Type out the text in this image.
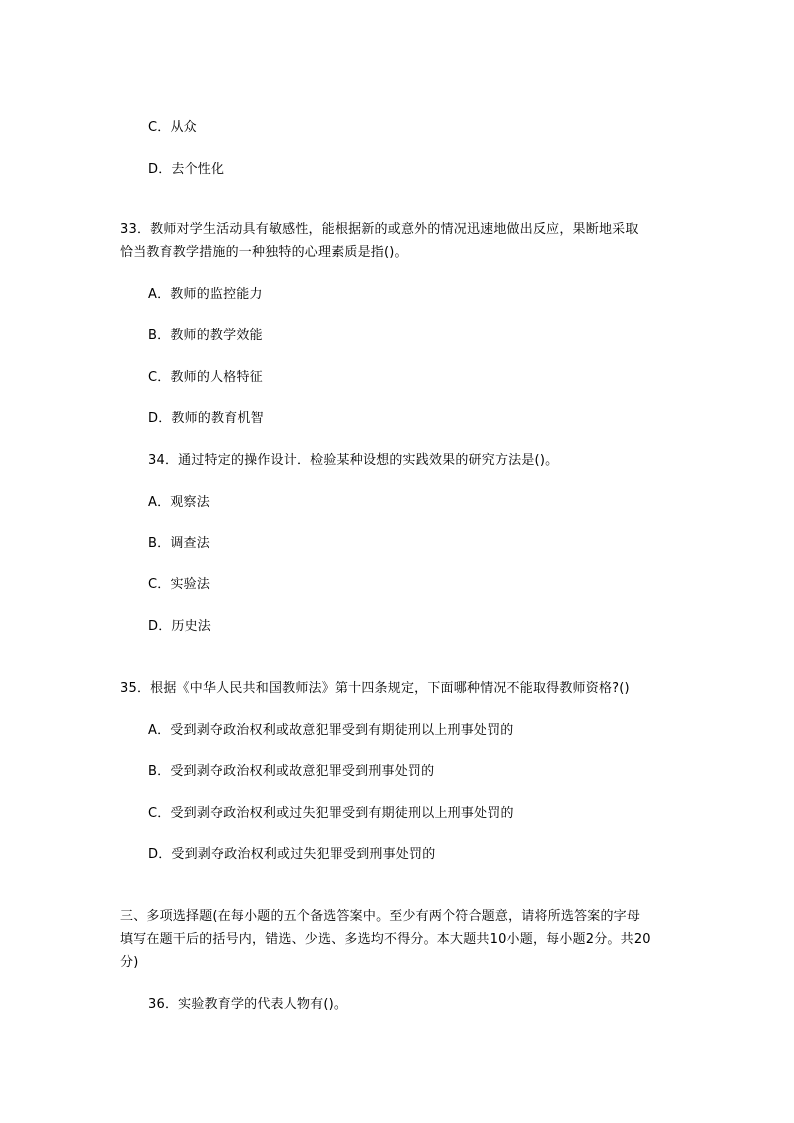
C．从众
D．去个性化
33．教师对学生活动具有敏感性，能根据新的或意外的情况迅速地做出反应，果断地采取
恰当教育教学措施的一种独特的心理素质是指()。
A．教师的监控能力
B．教师的教学效能
C．教师的人格特征
D．教师的教育机智
34．通过特定的操作设计．检验某种设想的实践效果的研究方法是()。
A．观察法
B．调查法
C．实验法
D．历史法
35．根据《中华人民共和国教师法》第十四条规定，下面哪种情况不能取得教师资格?()
A．受到剥夺政治权利或故意犯罪受到有期徒刑以上刑事处罚的
B．受到剥夺政治权利或故意犯罪受到刑事处罚的
C．受到剥夺政治权利或过失犯罪受到有期徒刑以上刑事处罚的
D．受到剥夺政治权利或过失犯罪受到刑事处罚的
三、多项选择题(在每小题的五个备选答案中。至少有两个符合题意，请将所选答案的字母
填写在题干后的括号内，错选、少选、多选均不得分。本大题共10小题，每小题2分。共20
分)
36．实验教育学的代表人物有()。
